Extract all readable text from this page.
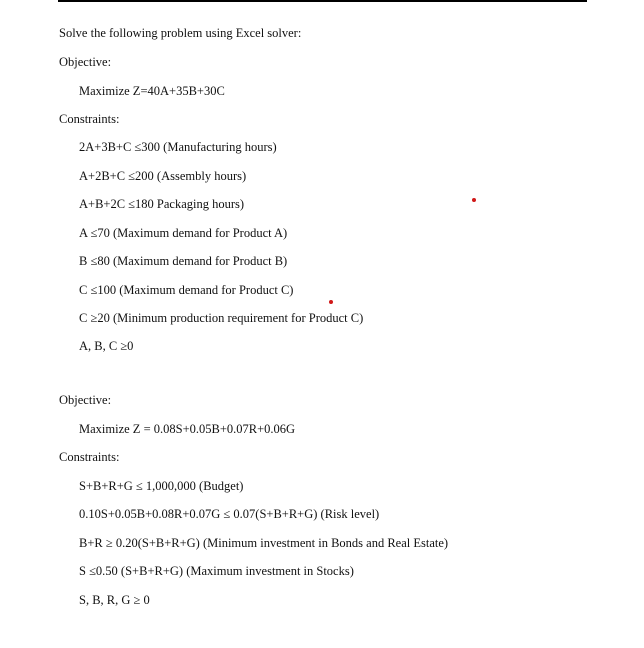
Solve the following problem using Excel solver:
Objective:
Maximize Z=40A+35B+30C
Constraints:
2A+3B+C ≤300 (Manufacturing hours)
A+2B+C ≤200 (Assembly hours)
A+B+2C ≤180 Packaging hours)
A ≤70 (Maximum demand for Product A)
B ≤80 (Maximum demand for Product B)
C ≤100 (Maximum demand for Product C)
C ≥20 (Minimum production requirement for Product C)
A, B, C ≥0
Objective:
Maximize Z = 0.08S+0.05B+0.07R+0.06G
Constraints:
S+B+R+G ≤ 1,000,000 (Budget)
0.10S+0.05B+0.08R+0.07G ≤ 0.07(S+B+R+G) (Risk level)
B+R ≥ 0.20(S+B+R+G) (Minimum investment in Bonds and Real Estate)
S ≤0.50 (S+B+R+G) (Maximum investment in Stocks)
S, B, R, G ≥ 0
